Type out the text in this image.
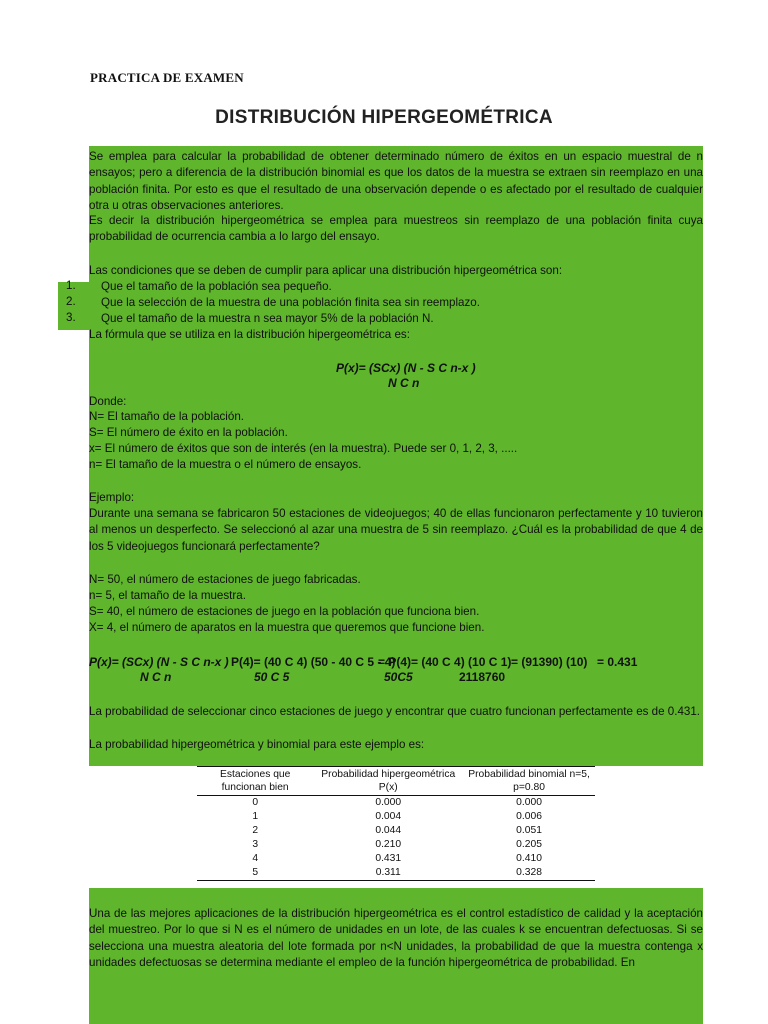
PRACTICA DE EXAMEN
DISTRIBUCIÓN HIPERGEOMÉTRICA

Se emplea para calcular la probabilidad de obtener determinado número de éxitos en un espacio muestral de n ensayos; pero a diferencia de la distribución binomial es que los datos de la muestra se extraen sin reemplazo en una población finita. Por esto es que el resultado de una observación depende o es afectado por el resultado de cualquier otra u otras observaciones anteriores.

Es decir la distribución hipergeométrica se emplea para muestreos sin reemplazo de una población finita cuya probabilidad de ocurrencia cambia a lo largo del ensayo.

Las condiciones que se deben de cumplir para aplicar una distribución hipergeométrica son:
1. Que el tamaño de la población sea pequeño.
2. Que la selección de la muestra de una población finita sea sin reemplazo.
3. Que el tamaño de la muestra n sea mayor 5% de la población N.
La fórmula que se utiliza en la distribución hipergeométrica es:
P(x)= (SCx) (N - S C n-x )
N C n
Donde:
N= El tamaño de la población.
S= El número de éxito en la población.
x= El número de éxitos que son de interés (en la muestra). Puede ser 0, 1, 2, 3, .....
n= El tamaño de la muestra o el número de ensayos.
Ejemplo:

Durante una semana se fabricaron 50 estaciones de videojuegos; 40 de ellas funcionaron perfectamente y 10 tuvieron al menos un desperfecto. Se seleccionó al azar una muestra de 5 sin reemplazo. ¿Cuál es la probabilidad de que 4 de los 5 videojuegos funcionará perfectamente?

N= 50, el número de estaciones de juego fabricadas.
n= 5, el tamaño de la muestra.
S= 40, el número de estaciones de juego en la población que funciona bien.
X= 4, el número de aparatos en la muestra que queremos que funcione bien.
P(x)= (SCx) (N - S C n-x )
N C n
P(4)= (40 C 4) (50 - 40 C 5 - 4)
50 C 5
= P(4)= (40 C 4) (10 C 1)
50C5
= (91390) (10)
2118760
= 0.431
La probabilidad de seleccionar cinco estaciones de juego y encontrar que cuatro funcionan perfectamente es de 0.431.
La probabilidad hipergeométrica y binomial para este ejemplo es:
Estaciones que funcionan bien	Probabilidad hipergeométrica P(x)	Probabilidad binomial n=5, p=0.80
0	0.000	0.000
1	0.004	0.006
2	0.044	0.051
3	0.210	0.205
4	0.431	0.410
5	0.311	0.328

Una de las mejores aplicaciones de la distribución hipergeométrica es el control estadístico de calidad y la aceptación del muestreo. Por lo que si N es el número de unidades en un lote, de las cuales k se encuentran defectuosas. Si se selecciona una muestra aleatoria del lote formada por n<N unidades, la probabilidad de que la muestra contenga x unidades defectuosas se determina mediante el empleo de la función hipergeométrica de probabilidad. En
